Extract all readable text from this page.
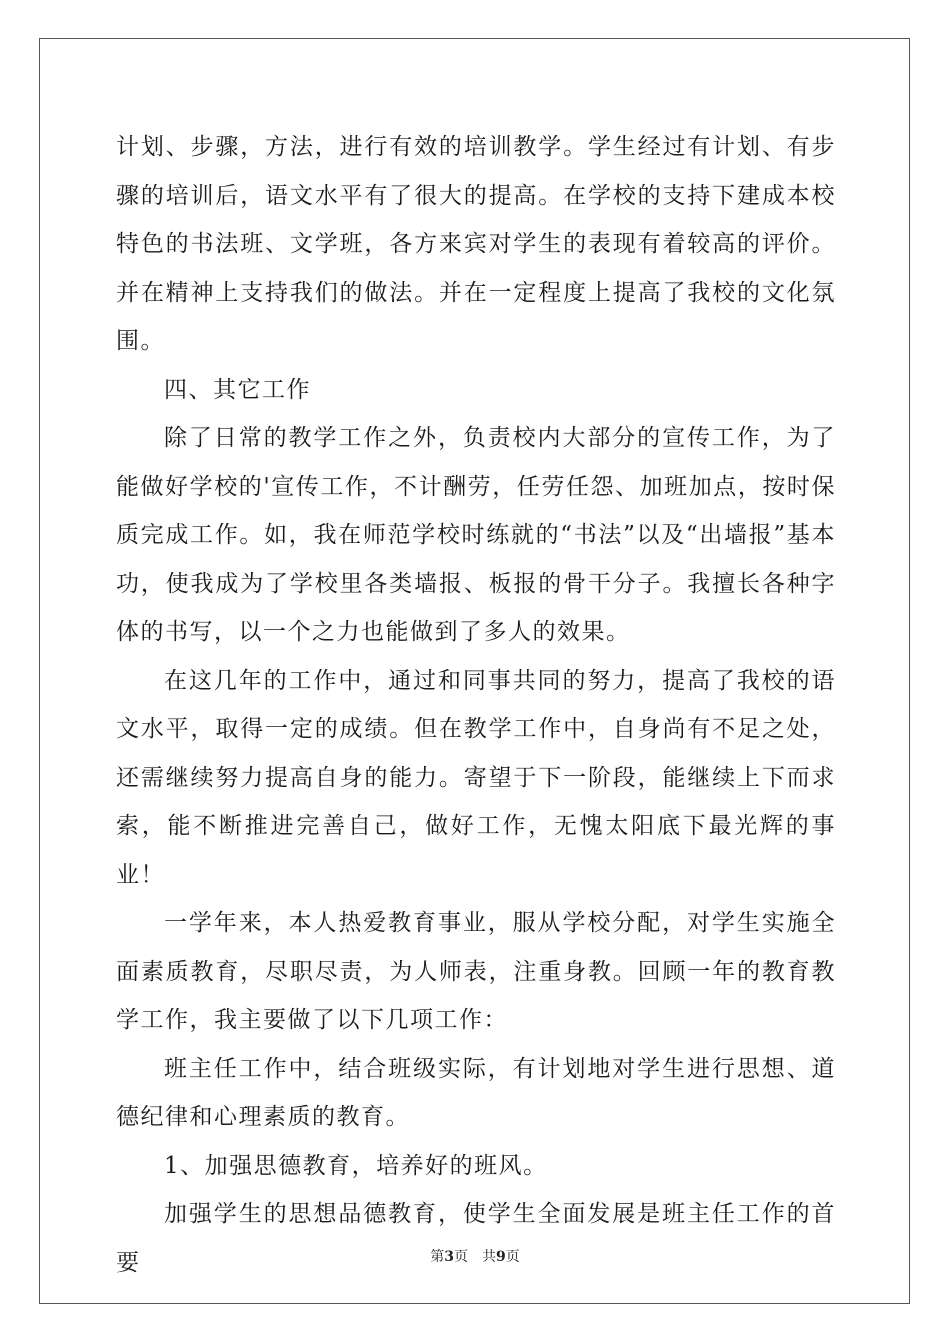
计划、步骤，方法，进行有效的培训教学。学生经过有计划、有步骤的培训后，语文水平有了很大的提高。在学校的支持下建成本校特色的书法班、文学班，各方来宾对学生的表现有着较高的评价。并在精神上支持我们的做法。并在一定程度上提高了我校的文化氛围。

四、其它工作

除了日常的教学工作之外，负责校内大部分的宣传工作，为了能做好学校的'宣传工作，不计酬劳，任劳任怨、加班加点，按时保质完成工作。如，我在师范学校时练就的“书法”以及“出墙报”基本功，使我成为了学校里各类墙报、板报的骨干分子。我擅长各种字体的书写，以一个之力也能做到了多人的效果。

在这几年的工作中，通过和同事共同的努力，提高了我校的语文水平，取得一定的成绩。但在教学工作中，自身尚有不足之处，还需继续努力提高自身的能力。寄望于下一阶段，能继续上下而求索，能不断推进完善自己，做好工作，无愧太阳底下最光辉的事业！

一学年来，本人热爱教育事业，服从学校分配，对学生实施全面素质教育，尽职尽责，为人师表，注重身教。回顾一年的教育教学工作，我主要做了以下几项工作：

班主任工作中，结合班级实际，有计划地对学生进行思想、道德纪律和心理素质的教育。

1、加强思德教育，培养好的班风。

加强学生的思想品德教育，使学生全面发展是班主任工作的首要	第3页　共9页
